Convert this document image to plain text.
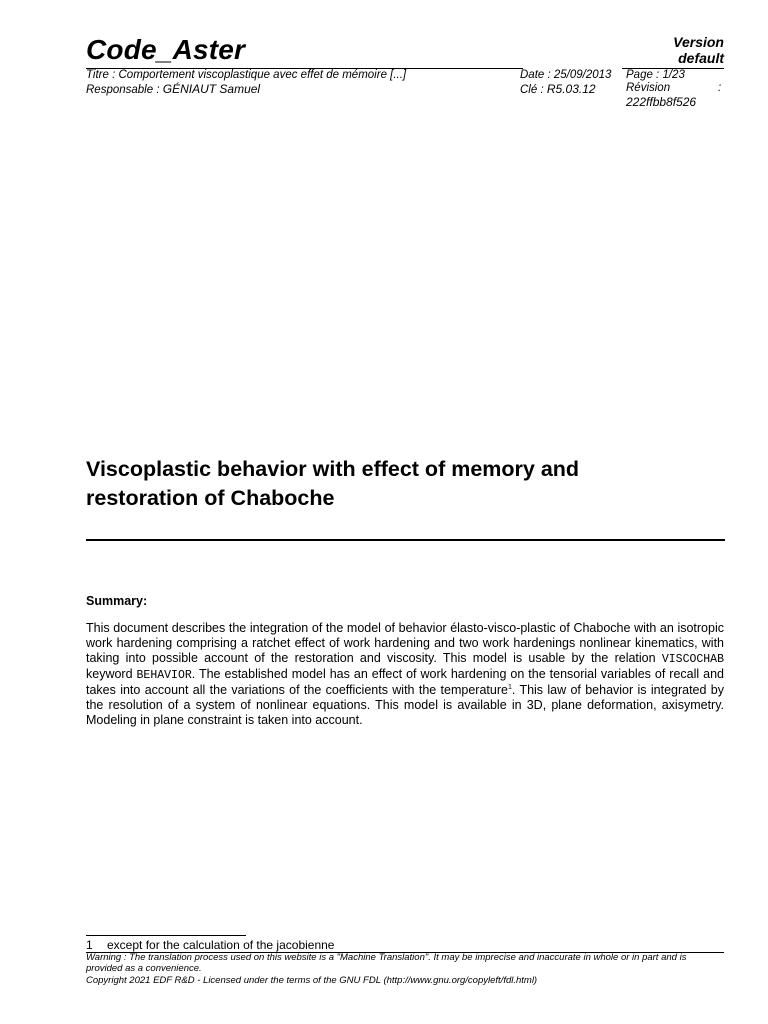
Code_Aster	Version
default
Titre : Comportement viscoplastique avec effet de mémoire [...]
Responsable : GÉNIAUT Samuel
Date : 25/09/2013
Clé : R5.03.12
Page : 1/23
Révision	:
222ffbb8f526
Viscoplastic behavior with effect of memory and
restoration of Chaboche
Summary:
This document describes the integration of the model of behavior élasto-visco-plastic of Chaboche with an isotropic work hardening comprising a ratchet effect of work hardening and two work hardenings nonlinear kinematics, with taking into possible account of the restoration and viscosity. This model is usable by the relation VISCOCHAB keyword BEHAVIOR. The established model has an effect of work hardening on the tensorial variables of recall and takes into account all the variations of the coefficients with the temperature$^1$. This law of behavior is integrated by the resolution of a system of nonlinear equations. This model is available in 3D, plane deformation, axisymetry. Modeling in plane constraint is taken into account.
1 except for the calculation of the jacobienne
Warning : The translation process used on this website is a "Machine Translation". It may be imprecise and inaccurate in whole or in part and is provided as a convenience.
Copyright 2021 EDF R&D - Licensed under the terms of the GNU FDL (http://www.gnu.org/copyleft/fdl.html)
